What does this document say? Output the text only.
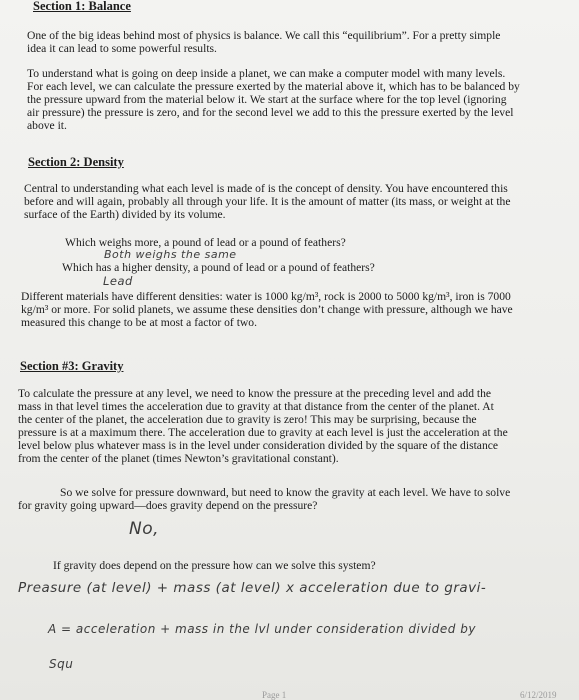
Section 1: Balance
One of the big ideas behind most of physics is balance. We call this “equilibrium”. For a pretty simple
idea it can lead to some powerful results.
To understand what is going on deep inside a planet, we can make a computer model with many levels.
For each level, we can calculate the pressure exerted by the material above it, which has to be balanced by
the pressure upward from the material below it. We start at the surface where for the top level (ignoring
air pressure) the pressure is zero, and for the second level we add to this the pressure exerted by the level
above it.
Section 2: Density
Central to understanding what each level is made of is the concept of density. You have encountered this
before and will again, probably all through your life. It is the amount of matter (its mass, or weight at the
surface of the Earth) divided by its volume.
Which weighs more, a pound of lead or a pound of feathers?
Both weighs the same
Which has a higher density, a pound of lead or a pound of feathers?
Lead
Different materials have different densities: water is 1000 kg/m³, rock is 2000 to 5000 kg/m³, iron is 7000
kg/m³ or more. For solid planets, we assume these densities don’t change with pressure, although we have
measured this change to be at most a factor of two.
Section #3: Gravity
To calculate the pressure at any level, we need to know the pressure at the preceding level and add the
mass in that level times the acceleration due to gravity at that distance from the center of the planet. At
the center of the planet, the acceleration due to gravity is zero! This may be surprising, because the
pressure is at a maximum there. The acceleration due to gravity at each level is just the acceleration at the
level below plus whatever mass is in the level under consideration divided by the square of the distance
from the center of the planet (times Newton’s gravitational constant).
So we solve for pressure downward, but need to know the gravity at each level. We have to solve
for gravity going upward—does gravity depend on the pressure?
No,
If gravity does depend on the pressure how can we solve this system?
Preasure (at level) + mass (at level) x acceleration due to gravi-
A = acceleration + mass in the lvl under consideration divided by
Squ
Page 1	6/12/2019
